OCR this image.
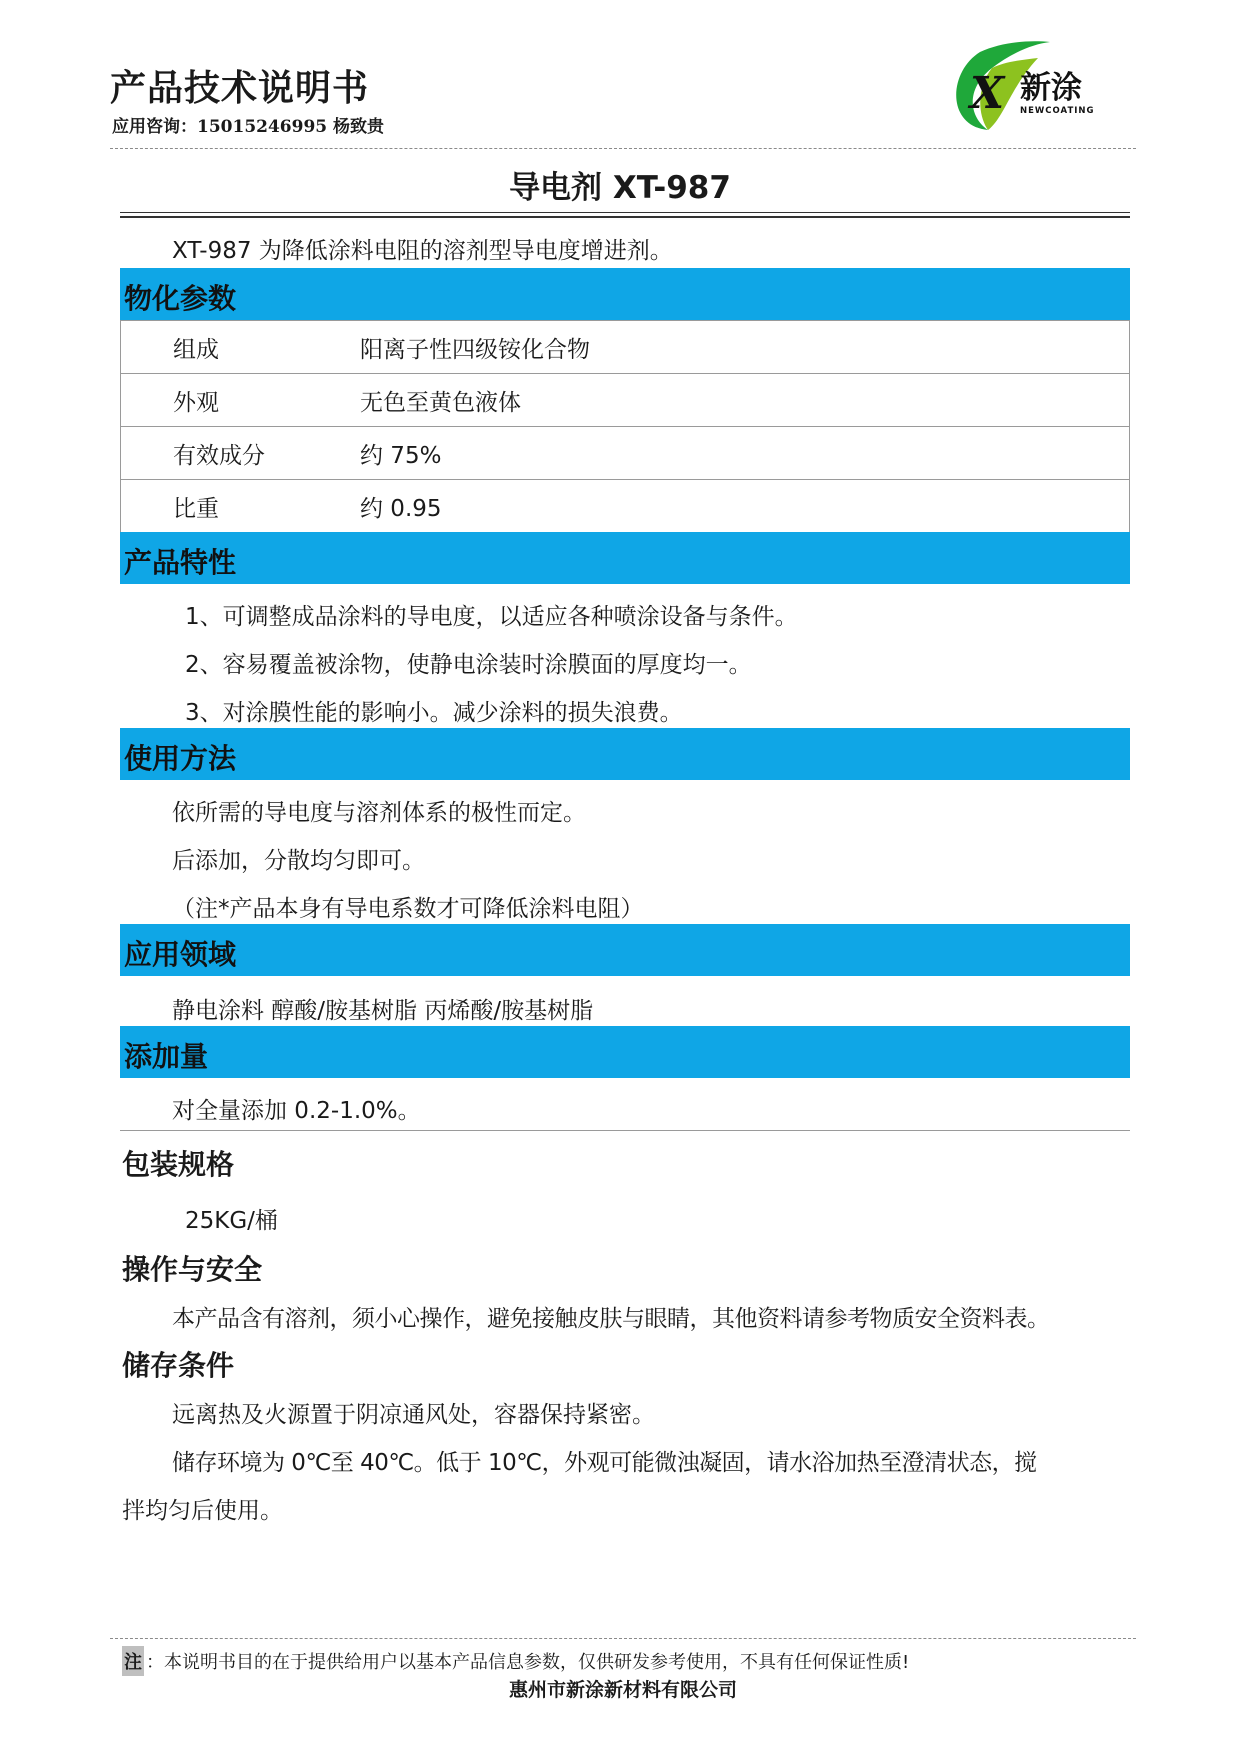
产品技术说明书
应用咨询：15015246995 杨致贵
X 新涂
NEWCOATING
导电剂 XT-987
XT-987 为降低涂料电阻的溶剂型导电度增进剂。
物化参数
组成	阳离子性四级铵化合物
外观	无色至黄色液体
有效成分	约 75%
比重	约 0.95
产品特性
1、可调整成品涂料的导电度，以适应各种喷涂设备与条件。
2、容易覆盖被涂物，使静电涂装时涂膜面的厚度均一。
3、对涂膜性能的影响小。减少涂料的损失浪费。
使用方法
依所需的导电度与溶剂体系的极性而定。
后添加，分散均匀即可。
（注*产品本身有导电系数才可降低涂料电阻）
应用领域
静电涂料 醇酸/胺基树脂 丙烯酸/胺基树脂
添加量
对全量添加 0.2-1.0%。
包装规格
25KG/桶
操作与安全
本产品含有溶剂，须小心操作，避免接触皮肤与眼睛，其他资料请参考物质安全资料表。
储存条件
远离热及火源置于阴凉通风处，容器保持紧密。
储存环境为 0℃至 40℃。低于 10℃，外观可能微浊凝固，请水浴加热至澄清状态，搅
拌均匀后使用。
注 ：本说明书目的在于提供给用户以基本产品信息参数，仅供研发参考使用，不具有任何保证性质!
惠州市新涂新材料有限公司
